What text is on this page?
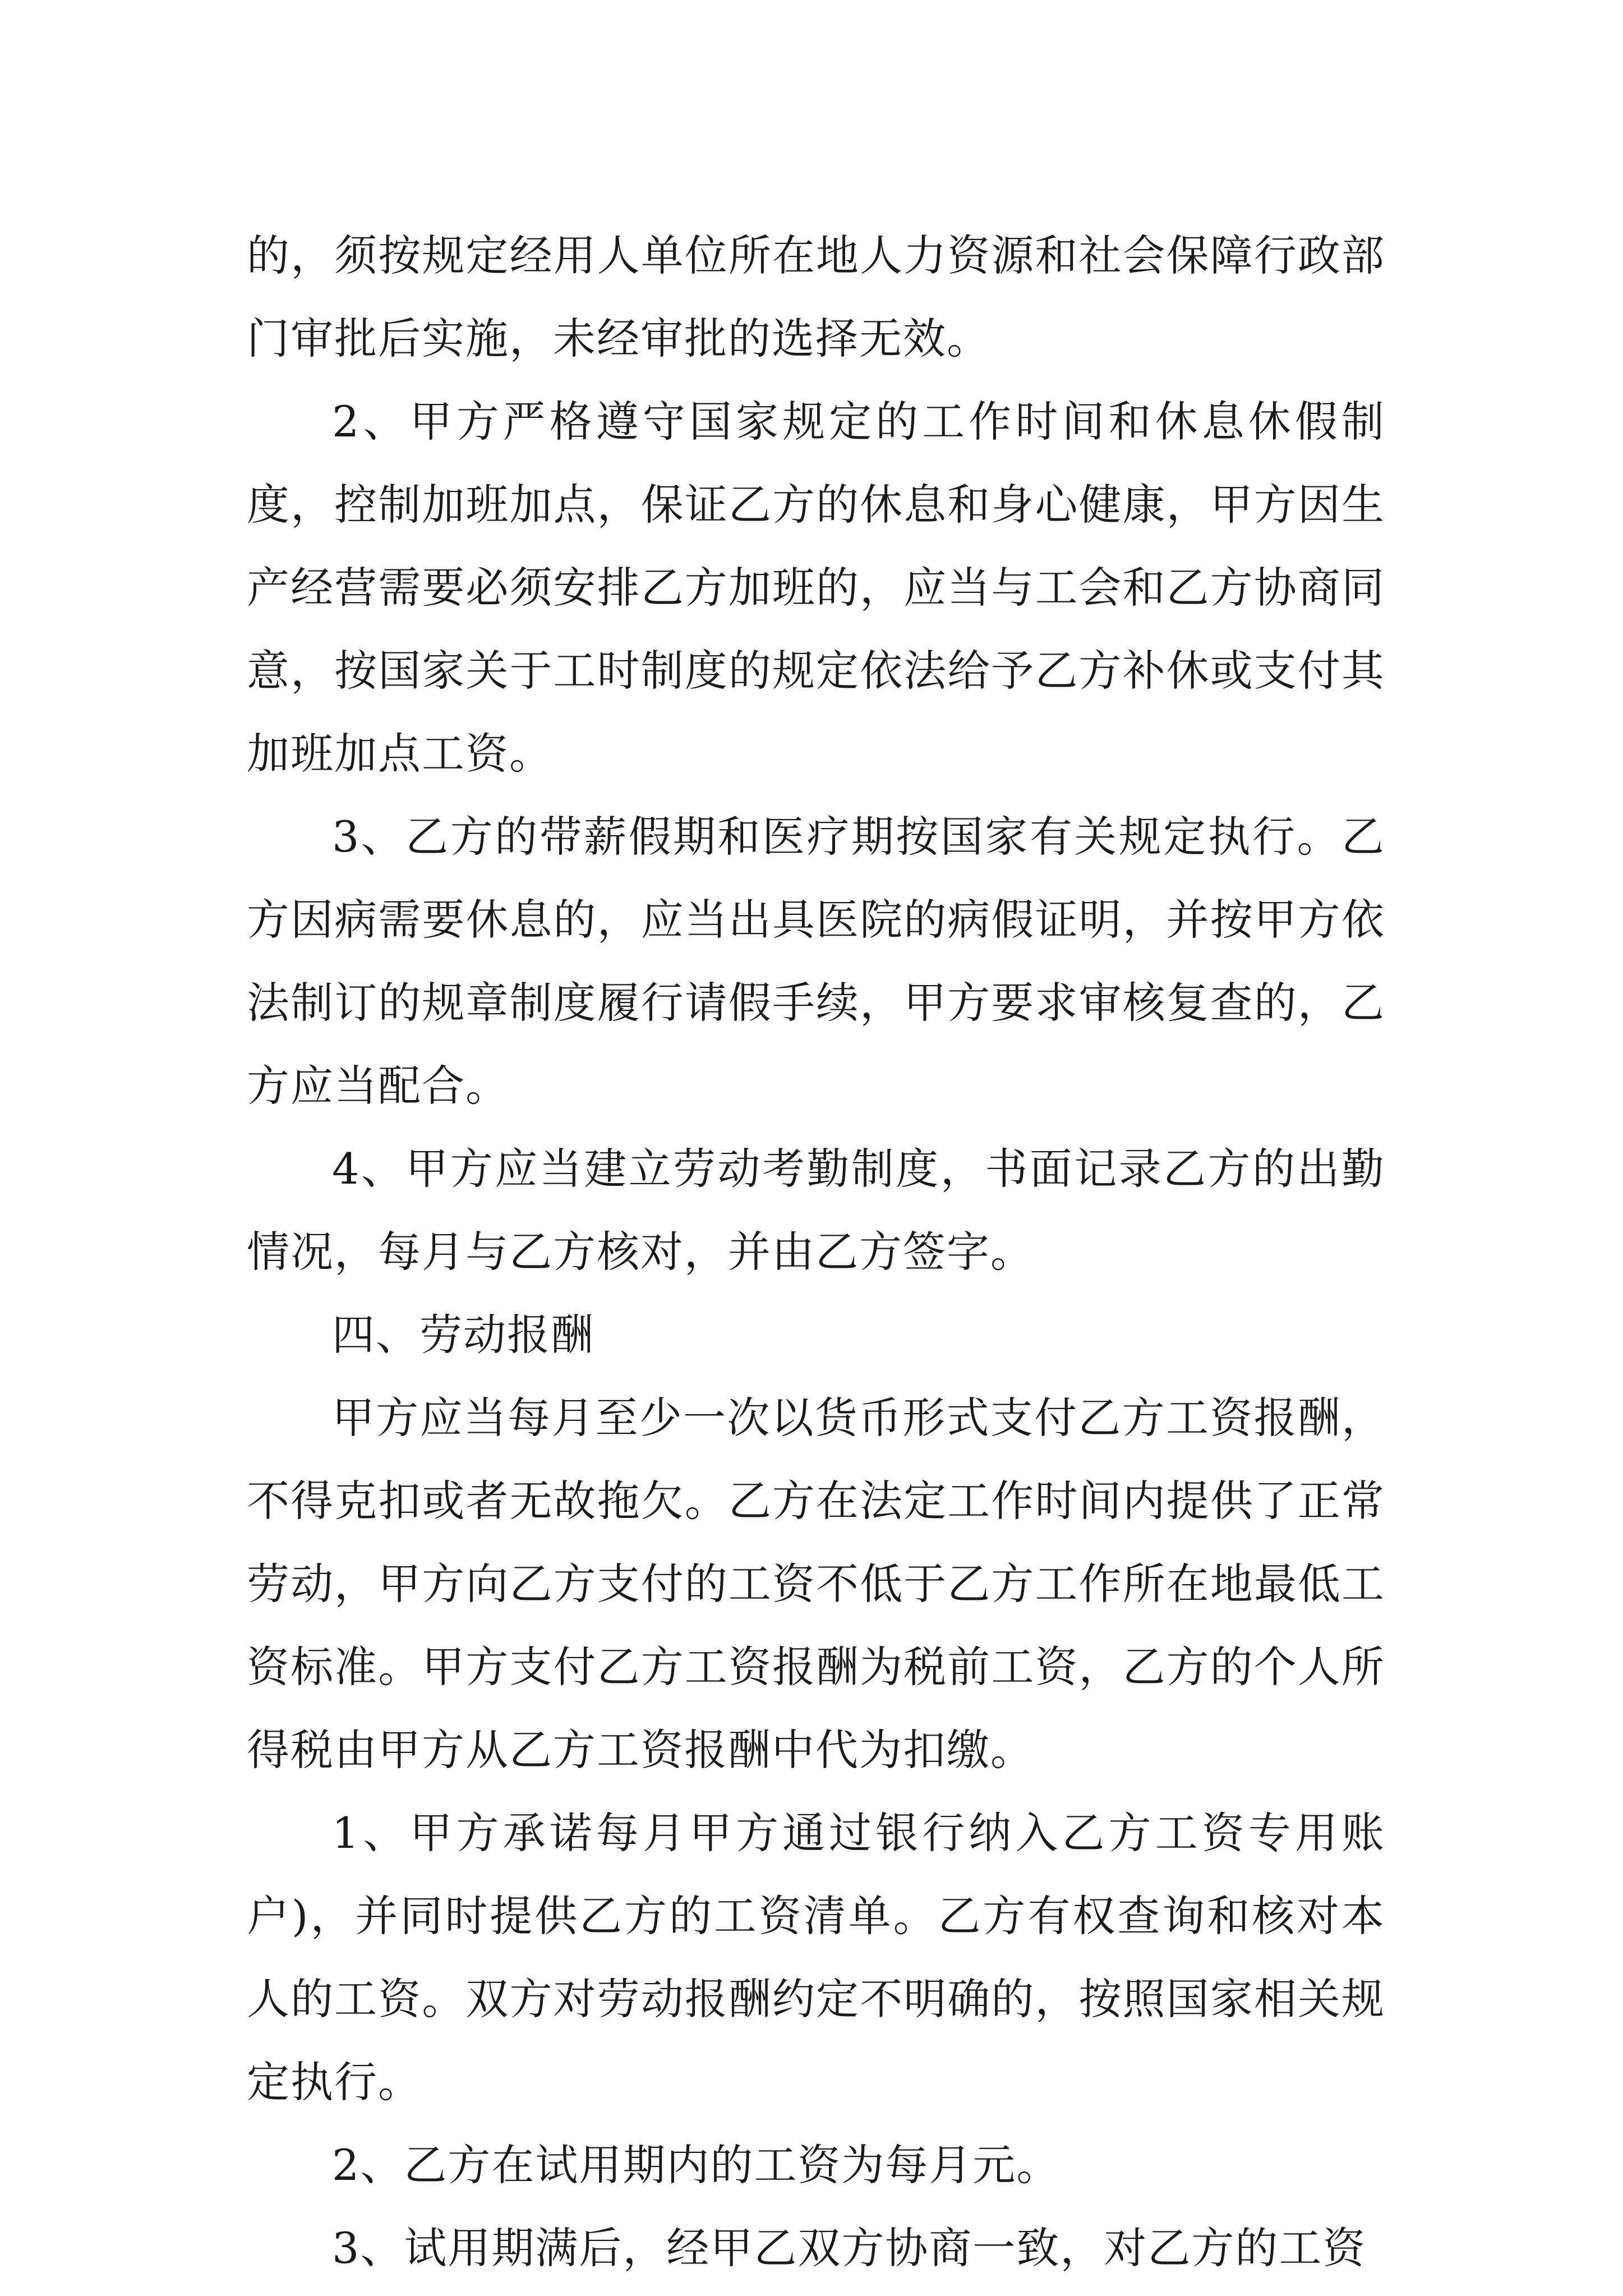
的，须按规定经用人单位所在地人力资源和社会保障行政部门审批后实施，未经审批的选择无效。

2、甲方严格遵守国家规定的工作时间和休息休假制度，控制加班加点，保证乙方的休息和身心健康，甲方因生产经营需要必须安排乙方加班的，应当与工会和乙方协商同意，按国家关于工时制度的规定依法给予乙方补休或支付其加班加点工资。

3、乙方的带薪假期和医疗期按国家有关规定执行。乙方因病需要休息的，应当出具医院的病假证明，并按甲方依法制订的规章制度履行请假手续，甲方要求审核复查的，乙方应当配合。

4、甲方应当建立劳动考勤制度，书面记录乙方的出勤情况，每月与乙方核对，并由乙方签字。

四、劳动报酬

甲方应当每月至少一次以货币形式支付乙方工资报酬，不得克扣或者无故拖欠。乙方在法定工作时间内提供了正常劳动，甲方向乙方支付的工资不低于乙方工作所在地最低工资标准。甲方支付乙方工资报酬为税前工资，乙方的个人所得税由甲方从乙方工资报酬中代为扣缴。

1、甲方承诺每月甲方通过银行纳入乙方工资专用账户)，并同时提供乙方的工资清单。乙方有权查询和核对本人的工资。双方对劳动报酬约定不明确的，按照国家相关规定执行。

2、乙方在试用期内的工资为每月元。

3、试用期满后，经甲乙双方协商一致，对乙方的工资
